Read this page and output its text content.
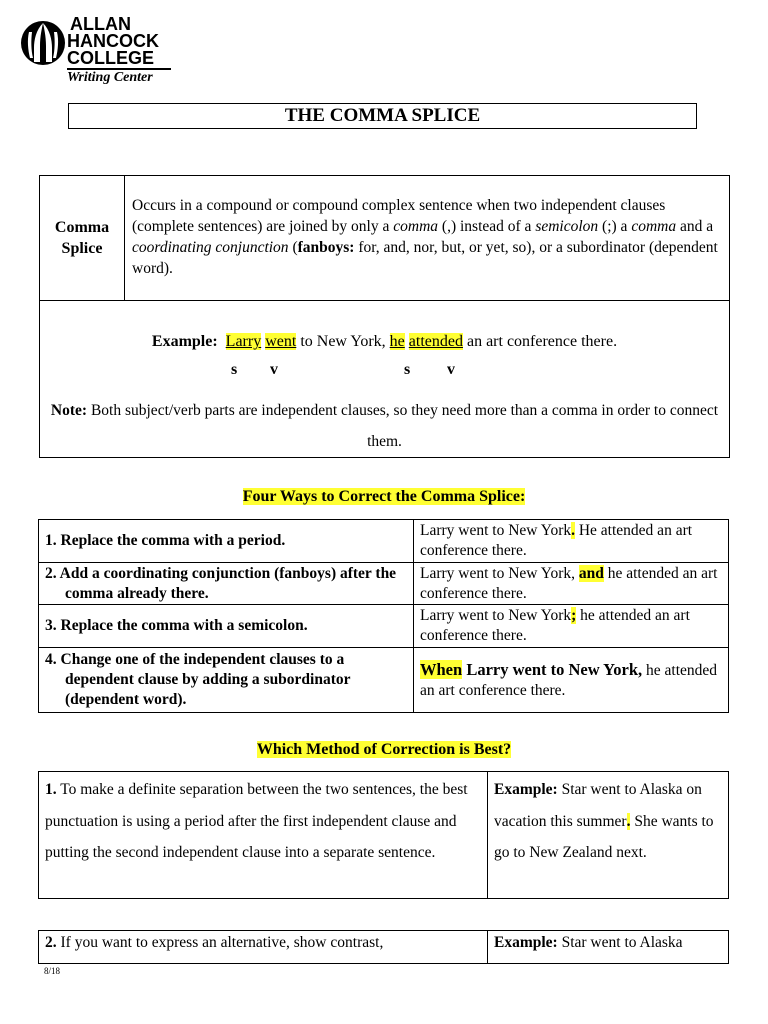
ALLAN
HANCOCK
COLLEGE
Writing Center
THE COMMA SPLICE
Comma Splice
Occurs in a compound or compound complex sentence when two independent clauses (complete sentences) are joined by only a comma (,) instead of a semicolon (;) a comma and a coordinating conjunction (fanboys: for, and, nor, but, or yet, so), or a subordinator (dependent word).
Example: Larry went to New York, he attended an art conference there.
s v	s v
Note: Both subject/verb parts are independent clauses, so they need more than a comma in order to connect them.
Four Ways to Correct the Comma Splice:
1. Replace the comma with a period.	Larry went to New York. He attended an art conference there.
2. Add a coordinating conjunction (fanboys) after the comma already there.	Larry went to New York, and he attended an art conference there.
3. Replace the comma with a semicolon.	Larry went to New York; he attended an art conference there.
4. Change one of the independent clauses to a dependent clause by adding a subordinator (dependent word).	When Larry went to New York, he attended an art conference there.
Which Method of Correction is Best?
1. To make a definite separation between the two sentences, the best punctuation is using a period after the first independent clause and putting the second independent clause into a separate sentence.	Example: Star went to Alaska on vacation this summer. She wants to go to New Zealand next.
2. If you want to express an alternative, show contrast,	Example: Star went to Alaska
8/18
